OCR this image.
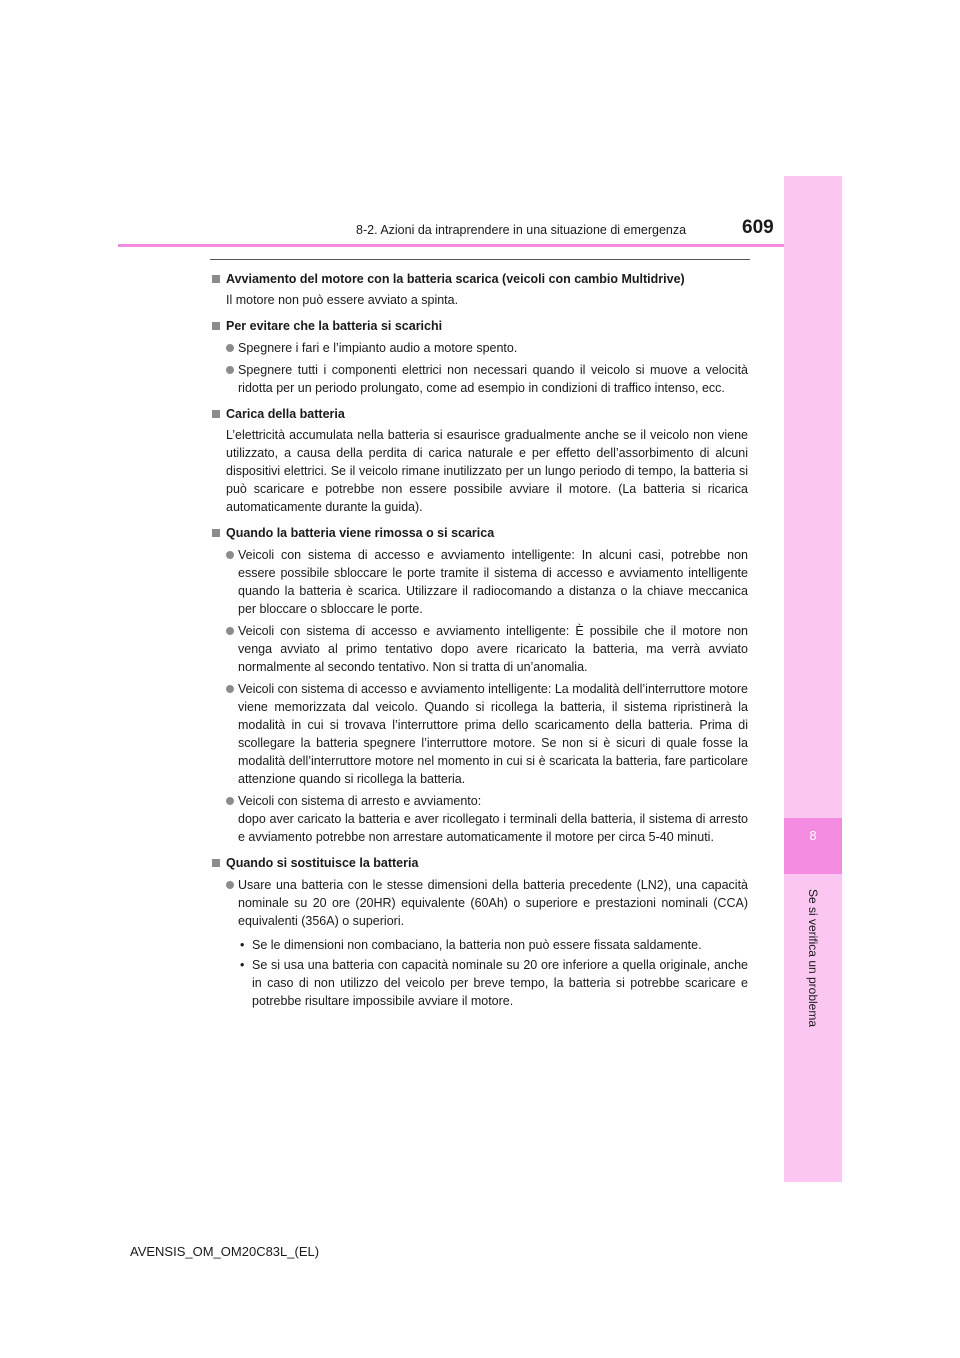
8
Se si verifica un problema
8-2. Azioni da intraprendere in una situazione di emergenza	609
Avviamento del motore con la batteria scarica (veicoli con cambio Multidrive)
Il motore non può essere avviato a spinta.
Per evitare che la batteria si scarichi
Spegnere i fari e l’impianto audio a motore spento.
Spegnere tutti i componenti elettrici non necessari quando il veicolo si muove a velocità ridotta per un periodo prolungato, come ad esempio in condizioni di traffico intenso, ecc.
Carica della batteria
L’elettricità accumulata nella batteria si esaurisce gradualmente anche se il veicolo non viene utilizzato, a causa della perdita di carica naturale e per effetto dell’assorbimento di alcuni dispositivi elettrici. Se il veicolo rimane inutilizzato per un lungo periodo di tempo, la batteria si può scaricare e potrebbe non essere possibile avviare il motore. (La batteria si ricarica automaticamente durante la guida).
Quando la batteria viene rimossa o si scarica
Veicoli con sistema di accesso e avviamento intelligente: In alcuni casi, potrebbe non essere possibile sbloccare le porte tramite il sistema di accesso e avviamento intelligente quando la batteria è scarica. Utilizzare il radiocomando a distanza o la chiave meccanica per bloccare o sbloccare le porte.
Veicoli con sistema di accesso e avviamento intelligente: È possibile che il motore non venga avviato al primo tentativo dopo avere ricaricato la batteria, ma verrà avviato normalmente al secondo tentativo. Non si tratta di un’anomalia.
Veicoli con sistema di accesso e avviamento intelligente: La modalità dell’interruttore motore viene memorizzata dal veicolo. Quando si ricollega la batteria, il sistema ripristinerà la modalità in cui si trovava l’interruttore prima dello scaricamento della batteria. Prima di scollegare la batteria spegnere l’interruttore motore. Se non si è sicuri di quale fosse la modalità dell’interruttore motore nel momento in cui si è scaricata la batteria, fare particolare attenzione quando si ricollega la batteria.
Veicoli con sistema di arresto e avviamento:
dopo aver caricato la batteria e aver ricollegato i terminali della batteria, il sistema di arresto e avviamento potrebbe non arrestare automaticamente il motore per circa 5-40 minuti.
Quando si sostituisce la batteria
Usare una batteria con le stesse dimensioni della batteria precedente (LN2), una capacità nominale su 20 ore (20HR) equivalente (60Ah) o superiore e prestazioni nominali (CCA) equivalenti (356A) o superiori.
• Se le dimensioni non combaciano, la batteria non può essere fissata saldamente.
• Se si usa una batteria con capacità nominale su 20 ore inferiore a quella originale, anche in caso di non utilizzo del veicolo per breve tempo, la batteria si potrebbe scaricare e potrebbe risultare impossibile avviare il motore.
AVENSIS_OM_OM20C83L_(EL)
